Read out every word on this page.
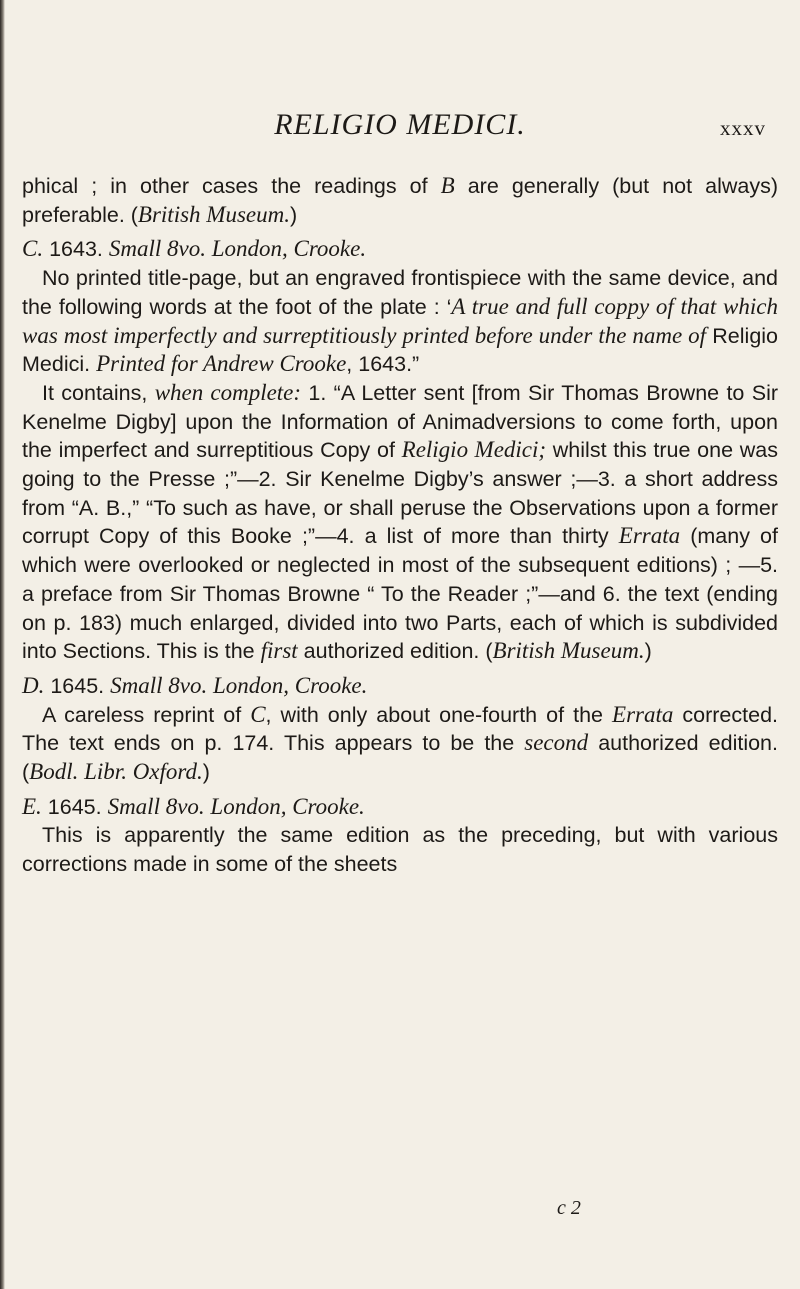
RELIGIO MEDICI.	xxxv

phical ; in other cases the readings of B are generally (but not always) preferable. (British Museum.)

C. 1643. Small 8vo. London, Crooke.

No printed title-page, but an engraved frontispiece with the same device, and the following words at the foot of the plate : ‘A true and full coppy of that which was most imperfectly and surreptitiously printed before under the name of Religio Medici. Printed for Andrew Crooke, 1643.”

It contains, when complete: 1. “A Letter sent [from Sir Thomas Browne to Sir Kenelme Digby] upon the Information of Animadversions to come forth, upon the imperfect and surreptitious Copy of Religio Medici; whilst this true one was going to the Presse ;”—2. Sir Kenelme Digby’s answer ;—3. a short address from “A. B.,” “To such as have, or shall peruse the Observations upon a former corrupt Copy of this Booke ;”—4. a list of more than thirty Errata (many of which were overlooked or neglected in most of the subsequent editions) ; —5. a preface from Sir Thomas Browne “ To the Reader ;”—and 6. the text (ending on p. 183) much enlarged, divided into two Parts, each of which is subdivided into Sections. This is the first authorized edition. (British Museum.)

D. 1645. Small 8vo. London, Crooke.

A careless reprint of C, with only about one-fourth of the Errata corrected. The text ends on p. 174. This appears to be the second authorized edition. (Bodl. Libr. Oxford.)

E. 1645. Small 8vo. London, Crooke.

This is apparently the same edition as the preceding, but with various corrections made in some of the sheets

c 2
